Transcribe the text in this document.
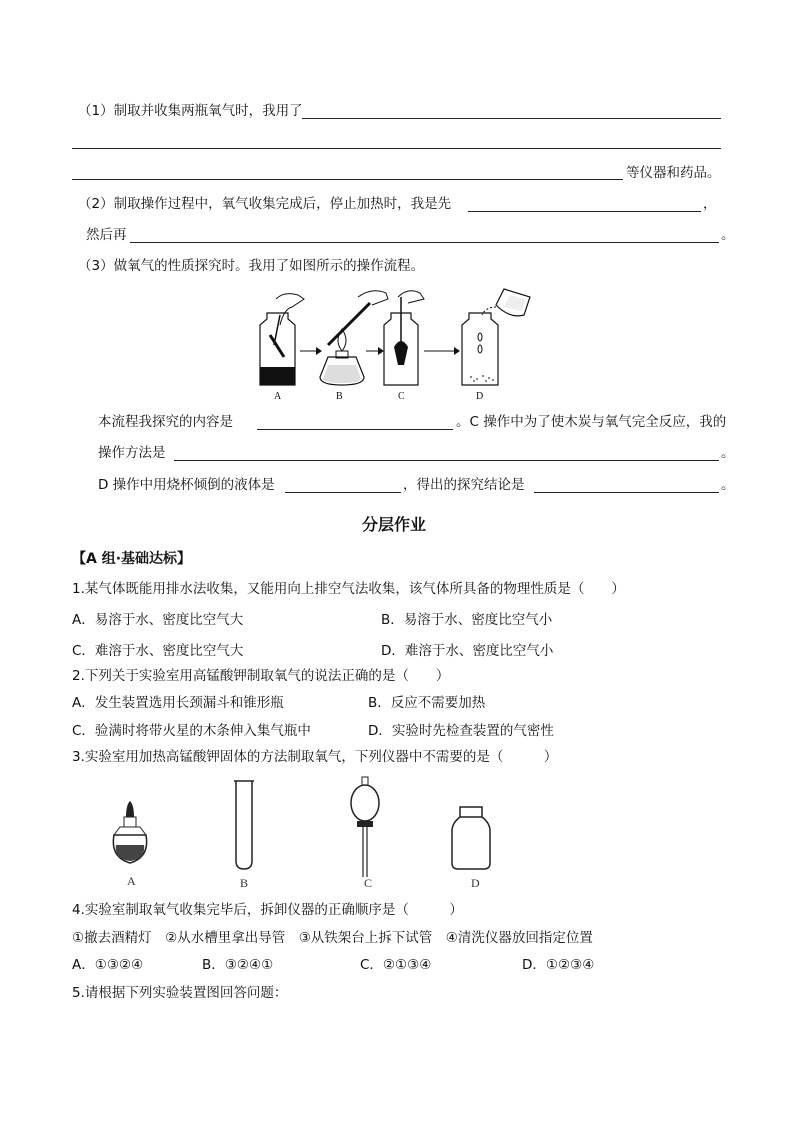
（1）制取并收集两瓶氧气时，我用了
等仪器和药品。
（2）制取操作过程中，氧气收集完成后，停止加热时，我是先	，
然后再	。
（3）做氧气的性质探究时。我用了如图所示的操作流程。
A	B	C	D
本流程我探究的内容是	。C 操作中为了使木炭与氧气完全反应，我的
操作方法是	。
D 操作中用烧杯倾倒的液体是	，得出的探究结论是	。
分层作业
【A 组·基础达标】
1.某气体既能用排水法收集，又能用向上排空气法收集，该气体所具备的物理性质是（　　）
A．易溶于水、密度比空气大	B．易溶于水、密度比空气小
C．难溶于水、密度比空气大	D．难溶于水、密度比空气小
2.下列关于实验室用高锰酸钾制取氧气的说法正确的是（　　）
A．发生装置选用长颈漏斗和锥形瓶	B．反应不需要加热
C．验满时将带火星的木条伸入集气瓶中	D．实验时先检查装置的气密性
3.实验室用加热高锰酸钾固体的方法制取氧气，下列仪器中不需要的是（　　　）
A	B	C	D
4.实验室制取氧气收集完毕后，拆卸仪器的正确顺序是（　　　）
①撤去酒精灯　②从水槽里拿出导管　③从铁架台上拆下试管　④清洗仪器放回指定位置
A．①③②④	B．③②④①	C．②①③④	D．①②③④
5.请根据下列实验装置图回答问题：
